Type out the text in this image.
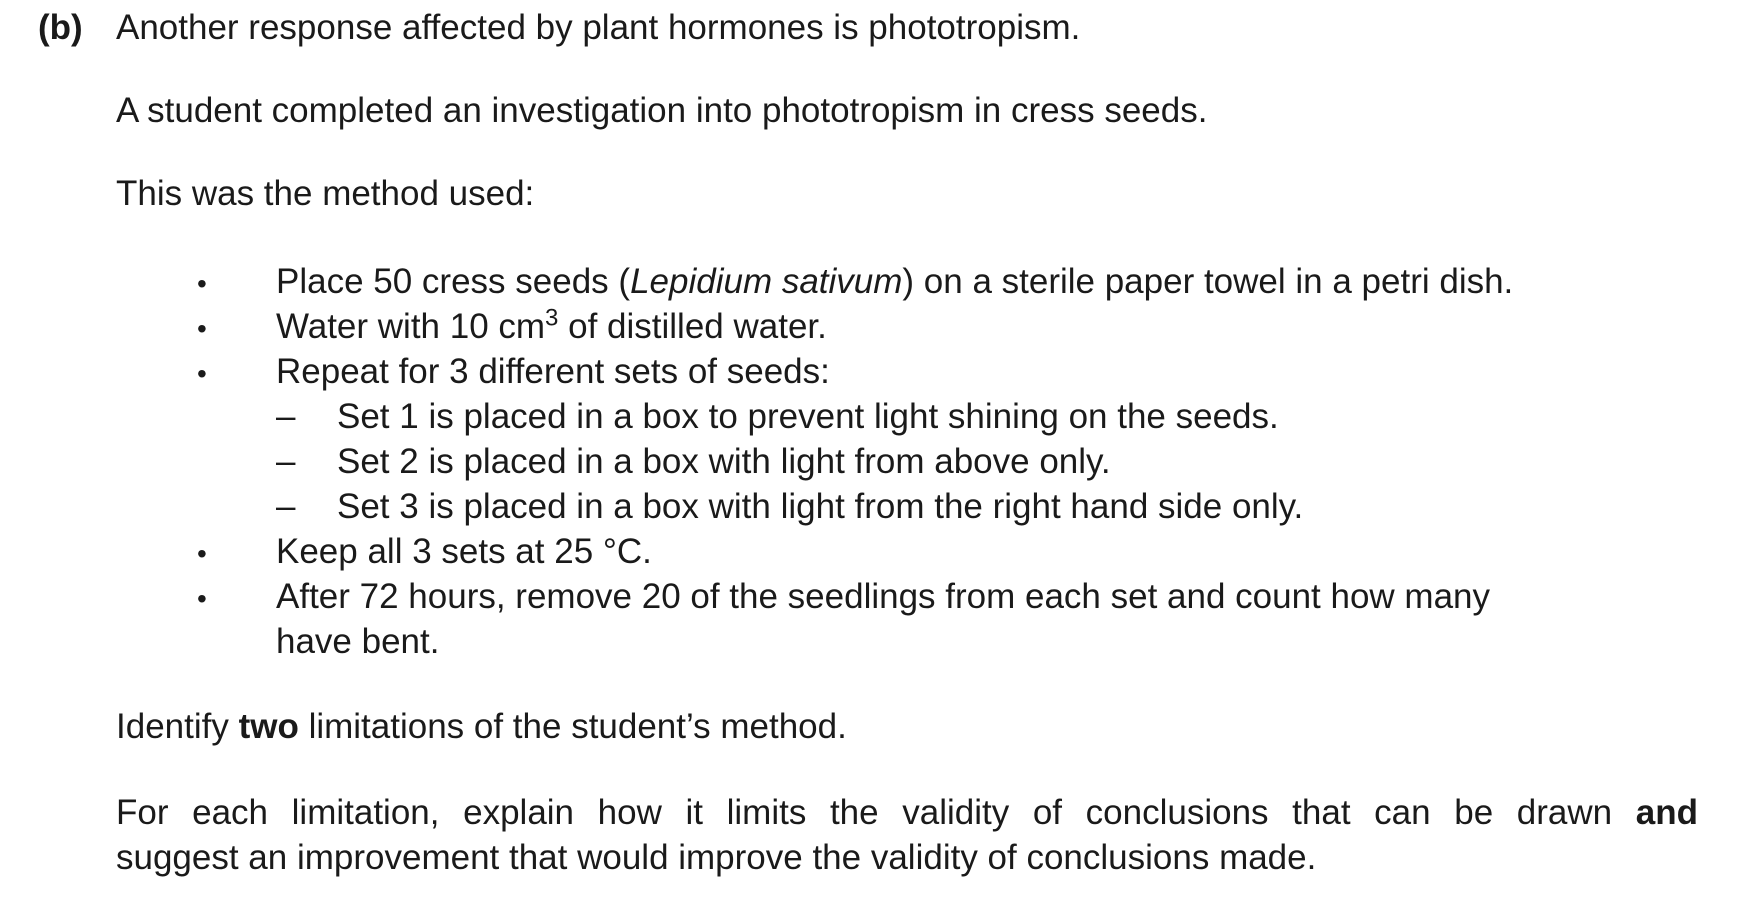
(b) Another response affected by plant hormones is phototropism.
A student completed an investigation into phototropism in cress seeds.
This was the method used:
• Place 50 cress seeds (Lepidium sativum) on a sterile paper towel in a petri dish.
• Water with 10 $cm^3$ of distilled water.
• Repeat for 3 different sets of seeds:
– Set 1 is placed in a box to prevent light shining on the seeds.
– Set 2 is placed in a box with light from above only.
– Set 3 is placed in a box with light from the right hand side only.
• Keep all 3 sets at 25 °C.
• After 72 hours, remove 20 of the seedlings from each set and count how many
have bent.
Identify two limitations of the student’s method.
For each limitation, explain how it limits the validity of conclusions that can be drawn and
suggest an improvement that would improve the validity of conclusions made.
